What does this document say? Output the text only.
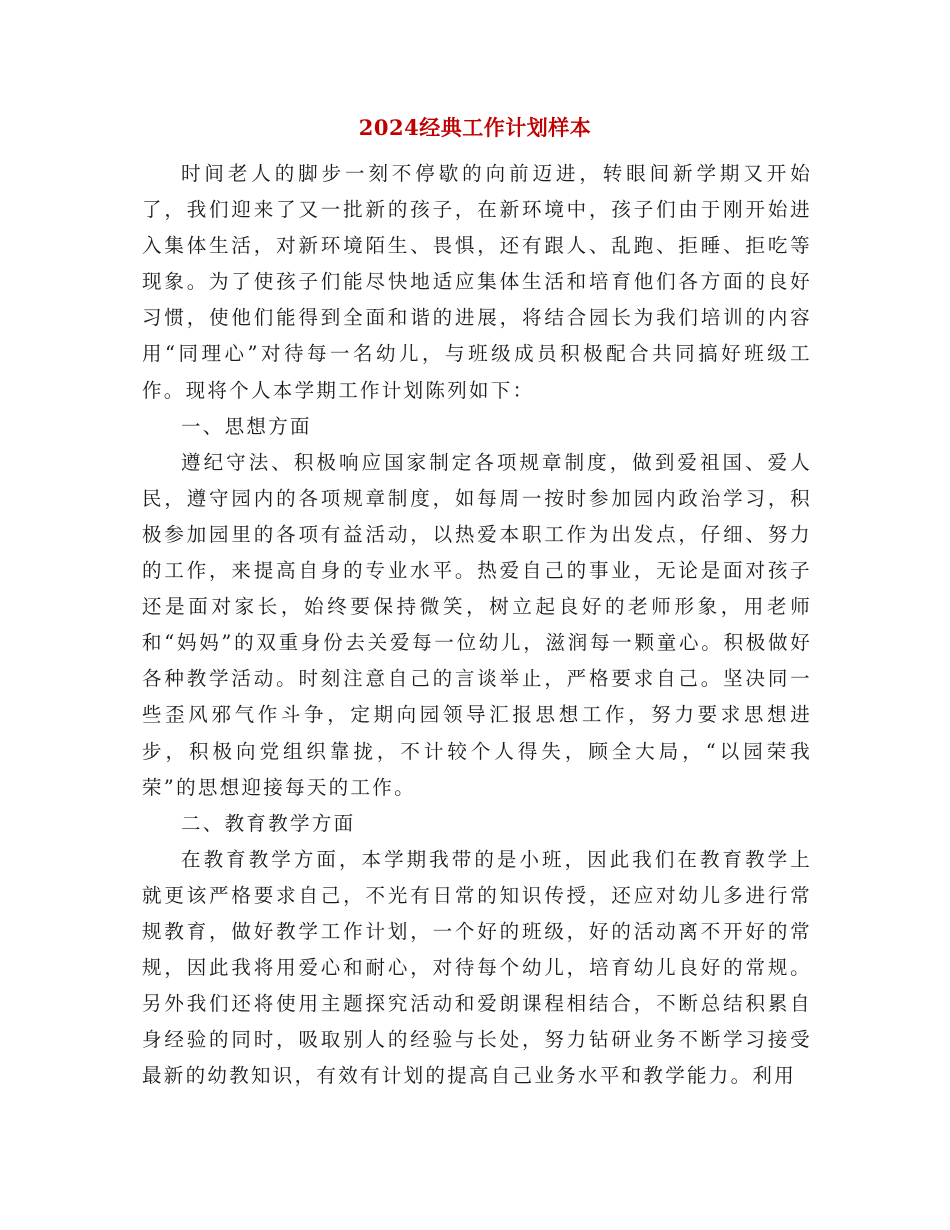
2024经典工作计划样本

时间老人的脚步一刻不停歇的向前迈进，转眼间新学期又开始了，我们迎来了又一批新的孩子，在新环境中，孩子们由于刚开始进入集体生活，对新环境陌生、畏惧，还有跟人、乱跑、拒睡、拒吃等现象。为了使孩子们能尽快地适应集体生活和培育他们各方面的良好习惯，使他们能得到全面和谐的进展，将结合园长为我们培训的内容用“同理心”对待每一名幼儿，与班级成员积极配合共同搞好班级工作。现将个人本学期工作计划陈列如下：

一、思想方面

遵纪守法、积极响应国家制定各项规章制度，做到爱祖国、爱人民，遵守园内的各项规章制度，如每周一按时参加园内政治学习，积极参加园里的各项有益活动，以热爱本职工作为出发点，仔细、努力的工作，来提高自身的专业水平。热爱自己的事业，无论是面对孩子还是面对家长，始终要保持微笑，树立起良好的老师形象，用老师和“妈妈”的双重身份去关爱每一位幼儿，滋润每一颗童心。积极做好各种教学活动。时刻注意自己的言谈举止，严格要求自己。坚决同一些歪风邪气作斗争，定期向园领导汇报思想工作，努力要求思想进步，积极向党组织靠拢，不计较个人得失，顾全大局，“以园荣我荣”的思想迎接每天的工作。

二、教育教学方面

在教育教学方面，本学期我带的是小班，因此我们在教育教学上就更该严格要求自己，不光有日常的知识传授，还应对幼儿多进行常规教育，做好教学工作计划，一个好的班级，好的活动离不开好的常规，因此我将用爱心和耐心，对待每个幼儿，培育幼儿良好的常规。另外我们还将使用主题探究活动和爱朗课程相结合，不断总结积累自身经验的同时，吸取别人的经验与长处，努力钻研业务不断学习接受最新的幼教知识，有效有计划的提高自己业务水平和教学能力。利用
